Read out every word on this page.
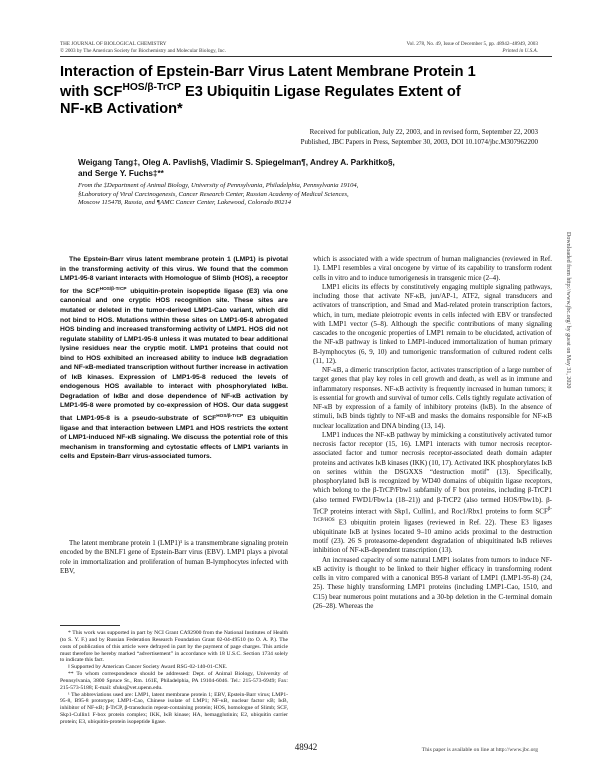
THE JOURNAL OF BIOLOGICAL CHEMISTRY
© 2003 by The American Society for Biochemistry and Molecular Biology, Inc.
Vol. 278, No. 49, Issue of December 5, pp. 48942–48949, 2003
Printed in U.S.A.
Interaction of Epstein-Barr Virus Latent Membrane Protein 1
with $SCF^{HOS/\beta-TrCP}$ E3 Ubiquitin Ligase Regulates Extent of
NF-κB Activation*
Received for publication, July 22, 2003, and in revised form, September 22, 2003
Published, JBC Papers in Press, September 30, 2003, DOI 10.1074/jbc.M307962200
Weigang Tang‡, Oleg A. Pavlish§, Vladimir S. Spiegelman¶, Andrey A. Parkhitko§,
and Serge Y. Fuchs‡**
From the ‡Department of Animal Biology, University of Pennsylvania, Philadelphia, Pennsylvania 19104,
§Laboratory of Viral Carcinogenesis, Cancer Research Center, Russian Academy of Medical Sciences,
Moscow 115478, Russia, and ¶AMC Cancer Center, Lakewood, Colorado 80214

The Epstein-Barr virus latent membrane protein 1 (LMP1) is pivotal in the transforming activity of this virus. We found that the common LMP1-95-8 variant interacts with Homologue of Slimb (HOS), a receptor for the $SCF^{HOS/\beta-TrCP}$ ubiquitin-protein isopeptide ligase (E3) via one canonical and one cryptic HOS recognition site. These sites are mutated or deleted in the tumor-derived LMP1-Cao variant, which did not bind to HOS. Mutations within these sites on LMP1-95-8 abrogated HOS binding and increased transforming activity of LMP1. HOS did not regulate stability of LMP1-95-8 unless it was mutated to bear additional lysine residues near the cryptic motif. LMP1 proteins that could not bind to HOS exhibited an increased ability to induce IκB degradation and NF-κB-mediated transcription without further increase in activation of IκB kinases. Expression of LMP1-95-8 reduced the levels of endogenous HOS available to interact with phosphorylated IκBα. Degradation of IκBα and dose dependence of NF-κB activation by LMP1-95-8 were promoted by co-expression of HOS. Our data suggest that LMP1-95-8 is a pseudo-substrate of $SCF^{HOS/\beta-TrCP}$ E3 ubiquitin ligase and that interaction between LMP1 and HOS restricts the extent of LMP1-induced NF-κB signaling. We discuss the potential role of this mechanism in transforming and cytostatic effects of LMP1 variants in cells and Epstein-Barr virus-associated tumors.

The latent membrane protein 1 (LMP1)¹ is a transmembrane signaling protein encoded by the BNLF1 gene of Epstein-Barr virus (EBV). LMP1 plays a pivotal role in immortalization and proliferation of human B-lymphocytes infected with EBV,

* This work was supported in part by NCI Grant CA92900 from the National Institutes of Health (to S. Y. F.) and by Russian Federation Research Foundation Grant 02-04-49510 (to O. A. P.). The costs of publication of this article were defrayed in part by the payment of page charges. This article must therefore be hereby marked “advertisement” in accordance with 18 U.S.C. Section 1734 solely to indicate this fact.

‖ Supported by American Cancer Society Award RSG-02-140-01-CNE.

** To whom correspondence should be addressed: Dept. of Animal Biology, University of Pennsylvania, 3800 Spruce St., Rm. 161E, Philadelphia, PA 19104-6046. Tel.: 215-573-6949; Fax: 215-573-5188; E-mail: sfuks@vet.upenn.edu.

¹ The abbreviations used are: LMP1, latent membrane protein 1; EBV, Epstein-Barr virus; LMP1-95-8, B95-8 prototype; LMP1-Cao, Chinese isolate of LMP1; NF-κB, nuclear factor κB; IκB, inhibitor of NF-κB; β-TrCP, β-transducin repeat-containing protein; HOS, homologue of Slimb; SCF, Skp1-Cullin1 F-box protein complex; IKK, IκB kinase; HA, hemagglutinin; E2, ubiquitin carrier protein; E3, ubiquitin-protein isopeptide ligase.

which is associated with a wide spectrum of human malignancies (reviewed in Ref. 1). LMP1 resembles a viral oncogene by virtue of its capability to transform rodent cells in vitro and to induce tumorigenesis in transgenic mice (2–4).

LMP1 elicits its effects by constitutively engaging multiple signaling pathways, including those that activate NF-κB, jun/AP-1, ATF2, signal transducers and activators of transcription, and Smad and Mad-related protein transcription factors, which, in turn, mediate pleiotropic events in cells infected with EBV or transfected with LMP1 vector (5–8). Although the specific contributions of many signaling cascades to the oncogenic properties of LMP1 remain to be elucidated, activation of the NF-κB pathway is linked to LMP1-induced immortalization of human primary B-lymphocytes (6, 9, 10) and tumorigenic transformation of cultured rodent cells (11, 12).

NF-κB, a dimeric transcription factor, activates transcription of a large number of target genes that play key roles in cell growth and death, as well as in immune and inflammatory responses. NF-κB activity is frequently increased in human tumors; it is essential for growth and survival of tumor cells. Cells tightly regulate activation of NF-κB by expression of a family of inhibitory proteins (IκB). In the absence of stimuli, IκB binds tightly to NF-κB and masks the domains responsible for NF-κB nuclear localization and DNA binding (13, 14).

LMP1 induces the NF-κB pathway by mimicking a constitutively activated tumor necrosis factor receptor (15, 16). LMP1 interacts with tumor necrosis receptor-associated factor and tumor necrosis receptor-associated death domain adapter proteins and activates IκB kinases (IKK) (10, 17). Activated IKK phosphorylates IκB on serines within the DSGXXS “destruction motif” (13). Specifically, phosphorylated IκB is recognized by WD40 domains of ubiquitin ligase receptors, which belong to the β-TrCP/Fbw1 subfamily of F box proteins, including β-TrCP1 (also termed FWD1/Fbw1a (18–21)) and β-TrCP2 (also termed HOS/Fbw1b). β-TrCP proteins interact with Skp1, Cullin1, and Roc1/Rbx1 proteins to form $SCF^{\beta-TrCP/HOS}$ E3 ubiquitin protein ligases (reviewed in Ref. 22). These E3 ligases ubiquitinate IκB at lysines located 9–10 amino acids proximal to the destruction motif (23). 26 S proteasome-dependent degradation of ubiquitinated IκB relieves inhibition of NF-κB-dependent transcription (13).

An increased capacity of some natural LMP1 isolates from tumors to induce NF-κB activity is thought to be linked to their higher efficacy in transforming rodent cells in vitro compared with a canonical B95-8 variant of LMP1 (LMP1-95-8) (24, 25). These highly transforming LMP1 proteins (including LMP1-Cao, 1510, and C15) bear numerous point mutations and a 30-bp deletion in the C-terminal domain (26–28). Whereas the

48942	This paper is available on line at http://www.jbc.org
Downloaded from http://www.jbc.org/ by guest on May 31, 2020
